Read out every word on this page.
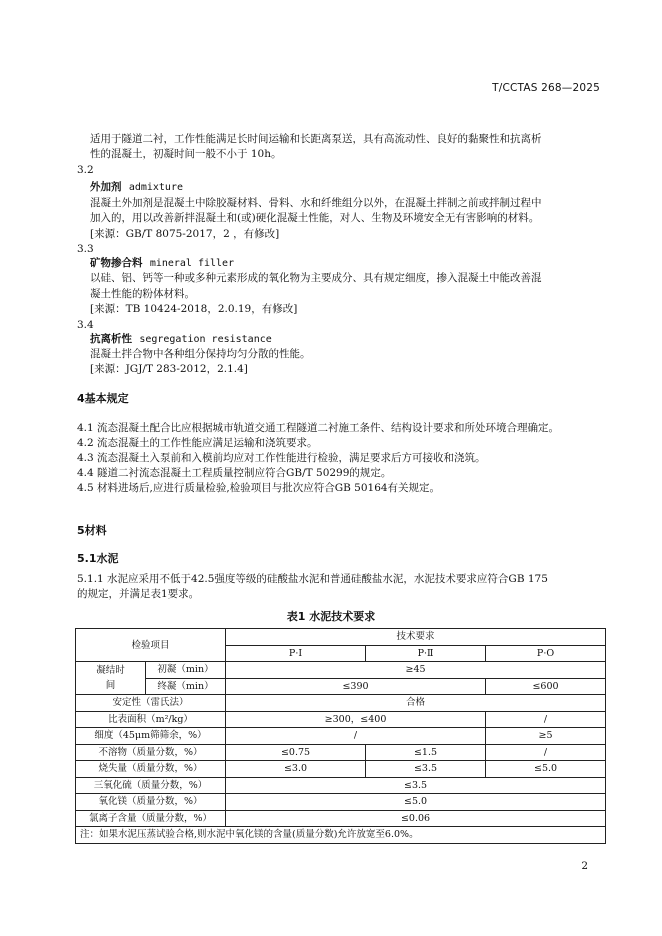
T/CCTAS 268—2025

适用于隧道二衬，工作性能满足长时间运输和长距离泵送，具有高流动性、良好的黏聚性和抗离析

性的混凝土，初凝时间一般不小于 10h。

3.2

外加剂 admixture

混凝土外加剂是混凝土中除胶凝材料、骨料、水和纤维组分以外，在混凝土拌制之前或拌制过程中

加入的，用以改善新拌混凝土和(或)硬化混凝土性能，对人、生物及环境安全无有害影响的材料。

[来源：GB/T 8075-2017，2 ，有修改]

3.3

矿物掺合料 mineral filler

以硅、铝、钙等一种或多种元素形成的氧化物为主要成分、具有规定细度，掺入混凝土中能改善混

凝土性能的粉体材料。

[来源：TB 10424-2018，2.0.19，有修改]

3.4

抗离析性 segregation resistance

混凝土拌合物中各种组分保持均匀分散的性能。

[来源：JGJ/T 283-2012，2.1.4]

4基本规定

4.1 流态混凝土配合比应根据城市轨道交通工程隧道二衬施工条件、结构设计要求和所处环境合理确定。

4.2 流态混凝土的工作性能应满足运输和浇筑要求。

4.3 流态混凝土入泵前和入模前均应对工作性能进行检验，满足要求后方可接收和浇筑。

4.4 隧道二衬流态混凝土工程质量控制应符合GB/T 50299的规定。

4.5 材料进场后,应进行质量检验,检验项目与批次应符合GB 50164有关规定。

5材料
5.1水泥

5.1.1 水泥应采用不低于42.5强度等级的硅酸盐水泥和普通硅酸盐水泥，水泥技术要求应符合GB 175

的规定，并满足表1要求。

表1 水泥技术要求
检验项目		技术要求		
		P·Ⅰ	P·Ⅱ	P·O
凝结时间	初凝（min）	≥45		
	终凝（min）	≤390		≤600
安定性（雷氏法）		合格		
比表面积（m²/kg）		≥300，≤400		/
细度（45μm筛筛余，%）		/		≥5
不溶物（质量分数，%）		≤0.75	≤1.5	/
烧失量（质量分数，%）		≤3.0	≤3.5	≤5.0
三氧化硫（质量分数，%）		≤3.5		
氧化镁（质量分数，%）		≤5.0		
氯离子含量（质量分数，%）		≤0.06		
注：如果水泥压蒸试验合格,则水泥中氧化镁的含量(质量分数)允许放宽至6.0%。				
2
